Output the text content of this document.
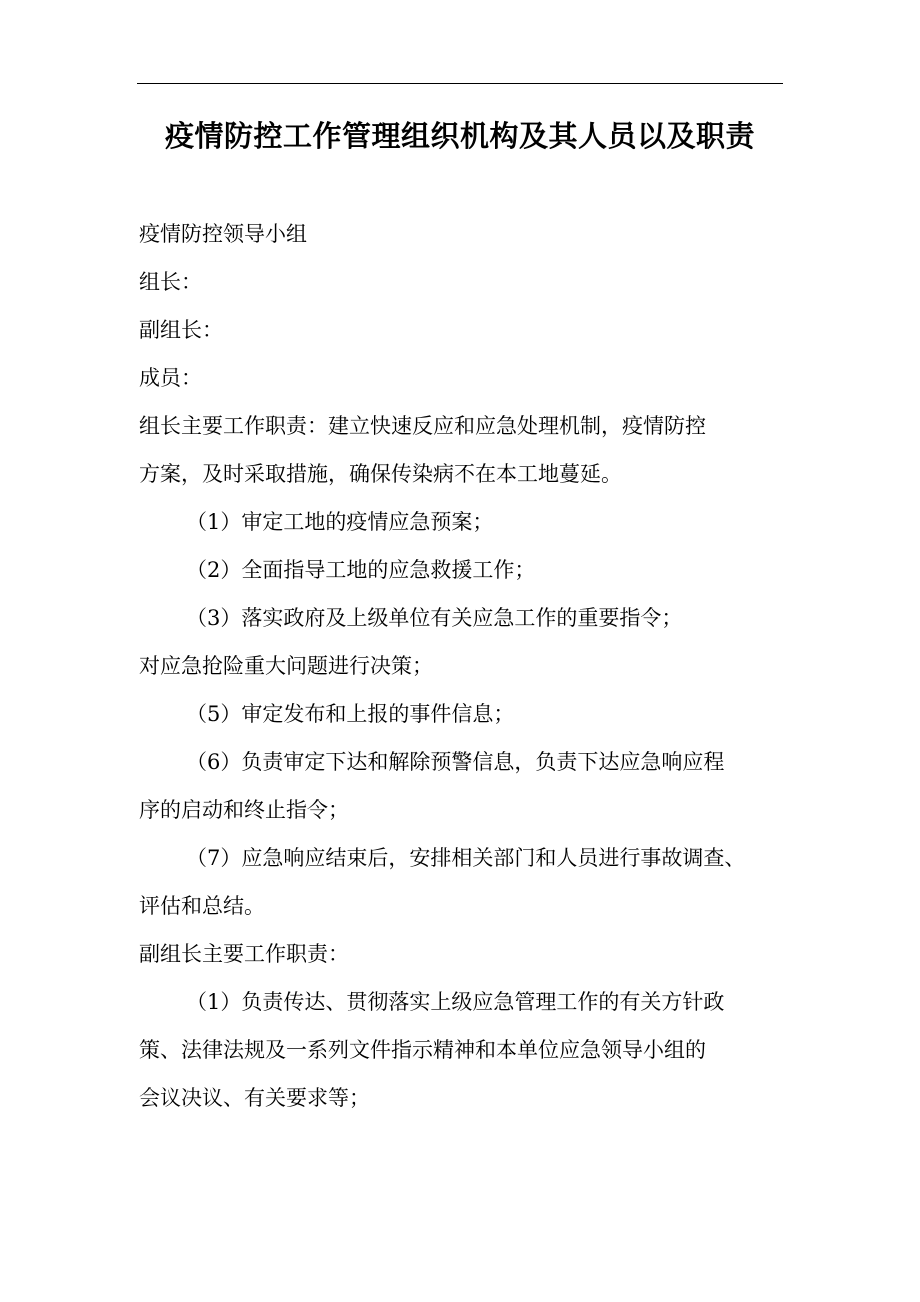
疫情防控工作管理组织机构及其人员以及职责
疫情防控领导小组
组长：
副组长：
成员：
组长主要工作职责：建立快速反应和应急处理机制，疫情防控
方案，及时采取措施，确保传染病不在本工地蔓延。
（1）审定工地的疫情应急预案；
（2）全面指导工地的应急救援工作；
（3）落实政府及上级单位有关应急工作的重要指令；
对应急抢险重大问题进行决策；
（5）审定发布和上报的事件信息；
（6）负责审定下达和解除预警信息，负责下达应急响应程
序的启动和终止指令；
（7）应急响应结束后，安排相关部门和人员进行事故调查、
评估和总结。
副组长主要工作职责：
（1）负责传达、贯彻落实上级应急管理工作的有关方针政
策、法律法规及一系列文件指示精神和本单位应急领导小组的
会议决议、有关要求等；
